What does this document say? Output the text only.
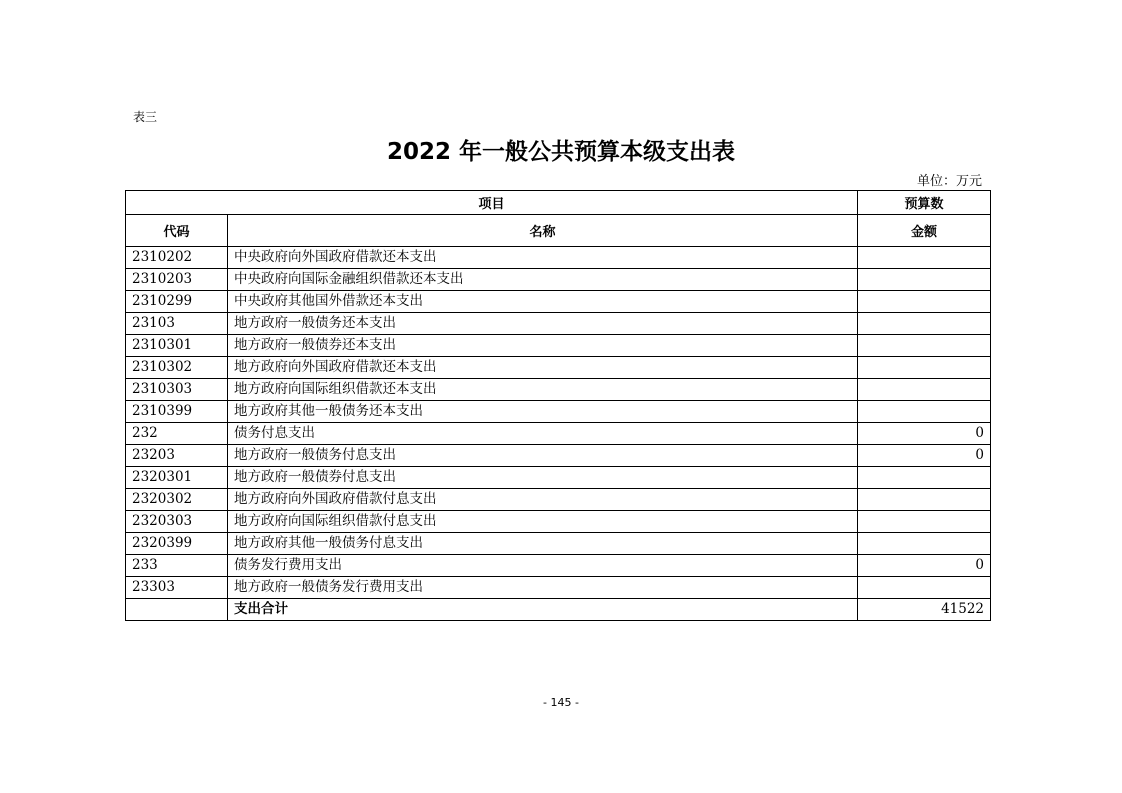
表三
2022 年一般公共预算本级支出表
单位：万元
项目		预算数
代码	名称	金额
2310202	中央政府向外国政府借款还本支出	
2310203	中央政府向国际金融组织借款还本支出	
2310299	中央政府其他国外借款还本支出	
23103	地方政府一般债务还本支出	
2310301	地方政府一般债券还本支出	
2310302	地方政府向外国政府借款还本支出	
2310303	地方政府向国际组织借款还本支出	
2310399	地方政府其他一般债务还本支出	
232	债务付息支出	0
23203	地方政府一般债务付息支出	0
2320301	地方政府一般债券付息支出	
2320302	地方政府向外国政府借款付息支出	
2320303	地方政府向国际组织借款付息支出	
2320399	地方政府其他一般债务付息支出	
233	债务发行费用支出	0
23303	地方政府一般债务发行费用支出	
	支出合计	41522
- 145 -
